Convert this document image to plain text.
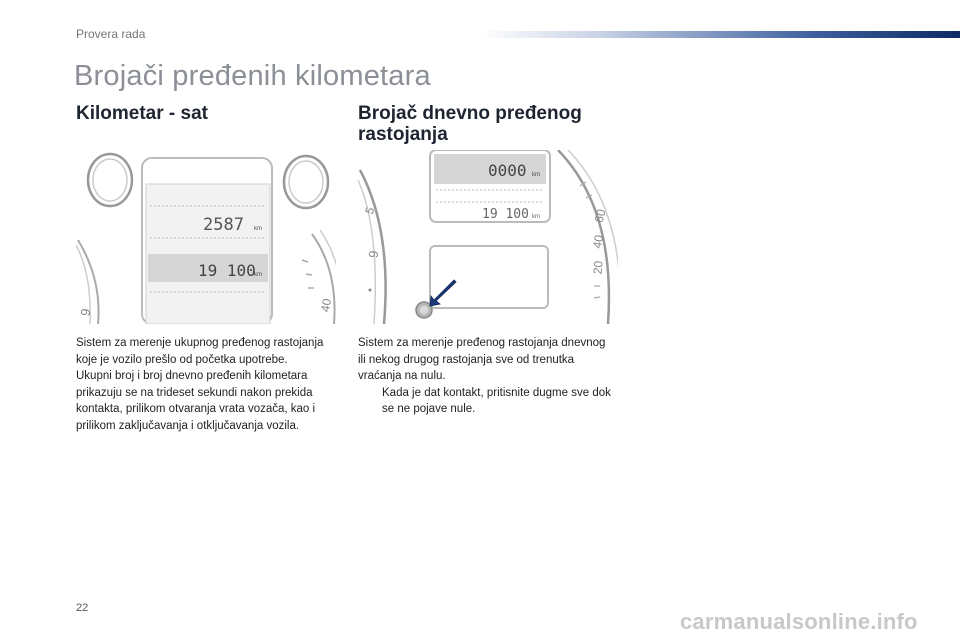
Provera rada
Brojači pređenih kilometara
Kilometar - sat	Brojač dnevno pređenog rastojanja
9
2587 km
19 100
km
40
5
9
0000 km
19 100 km	60
40
20

Sistem za merenje ukupnog pređenog rastojanja koje je vozilo prešlo od početka upotrebe.

Ukupni broj i broj dnevno pređenih kilometara prikazuju se na trideset sekundi nakon prekida kontakta, prilikom otvaranja vrata vozača, kao i prilikom zaključavanja i otključavanja vozila.

Sistem za merenje pređenog rastojanja dnevnog ili nekog drugog rastojanja sve od trenutka vraćanja na nulu.

Kada je dat kontakt, pritisnite dugme sve dok se ne pojave nule.
22
carmanualsonline.info
